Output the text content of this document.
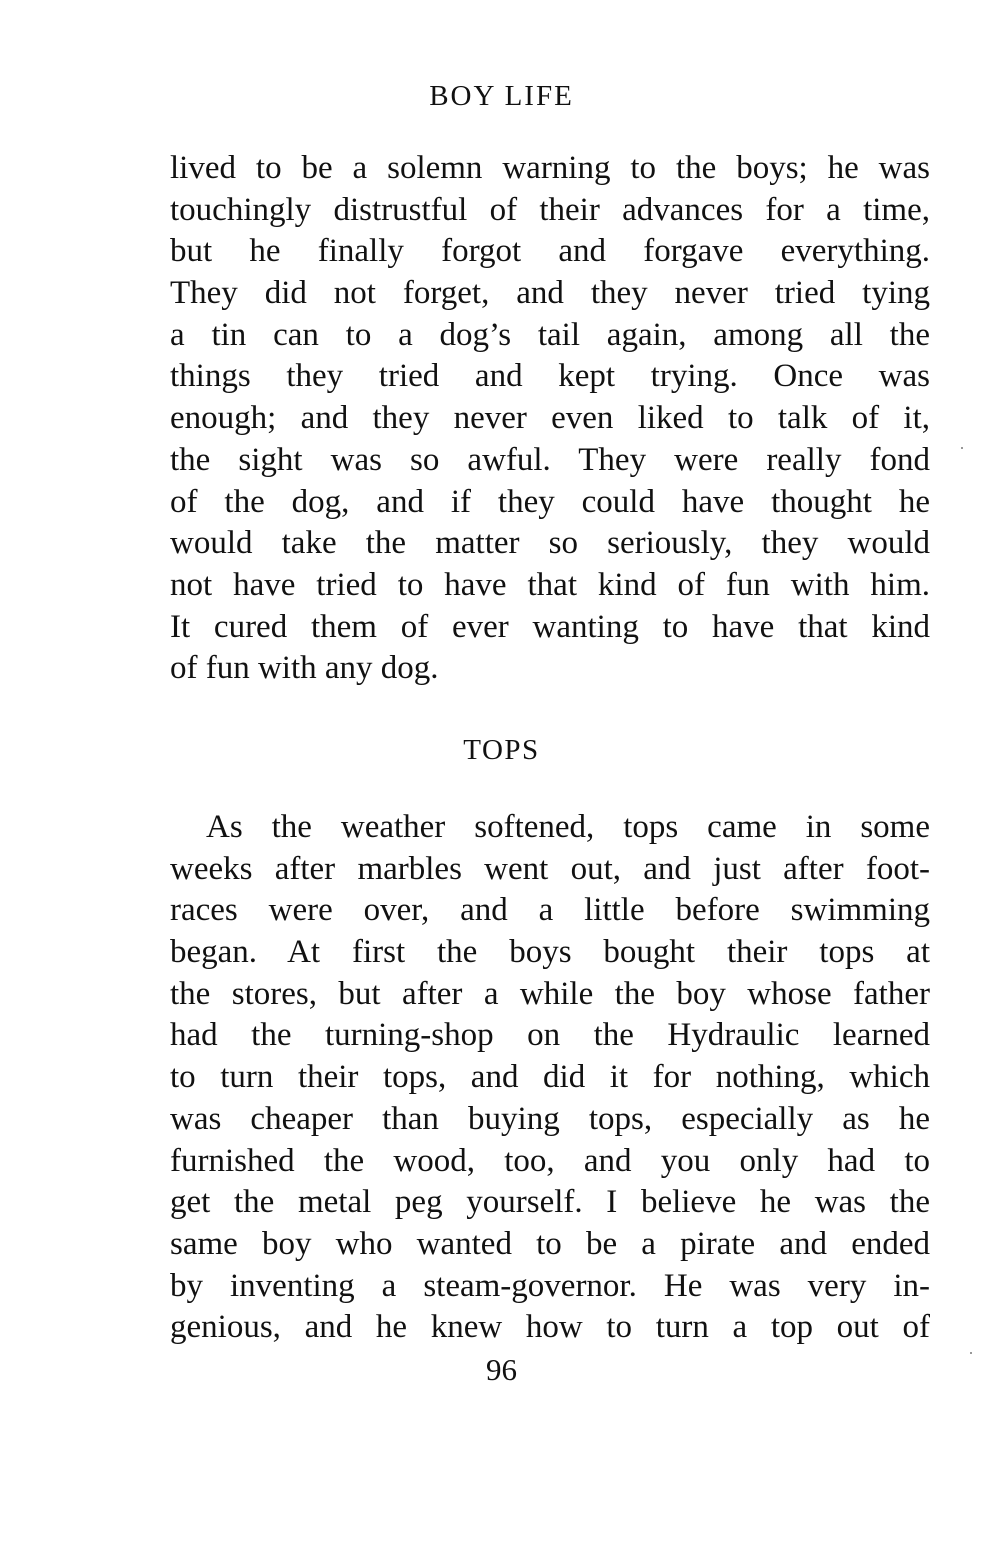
BOY LIFE

lived to be a solemn warning to the boys; he was
touchingly distrustful of their advances for a time,
but he finally forgot and forgave everything.
They did not forget, and they never tried tying
a tin can to a dog’s tail again, among all the
things they tried and kept trying. Once was
enough; and they never even liked to talk of it,
the sight was so awful. They were really fond
of the dog, and if they could have thought he
would take the matter so seriously, they would
not have tried to have that kind of fun with him.
It cured them of ever wanting to have that kind
of fun with any dog.

TOPS

As the weather softened, tops came in some
weeks after marbles went out, and just after foot-
races were over, and a little before swimming
began. At first the boys bought their tops at
the stores, but after a while the boy whose father
had the turning-shop on the Hydraulic learned
to turn their tops, and did it for nothing, which
was cheaper than buying tops, especially as he
furnished the wood, too, and you only had to
get the metal peg yourself. I believe he was the
same boy who wanted to be a pirate and ended
by inventing a steam-governor. He was very in-
genious, and he knew how to turn a top out of

96
